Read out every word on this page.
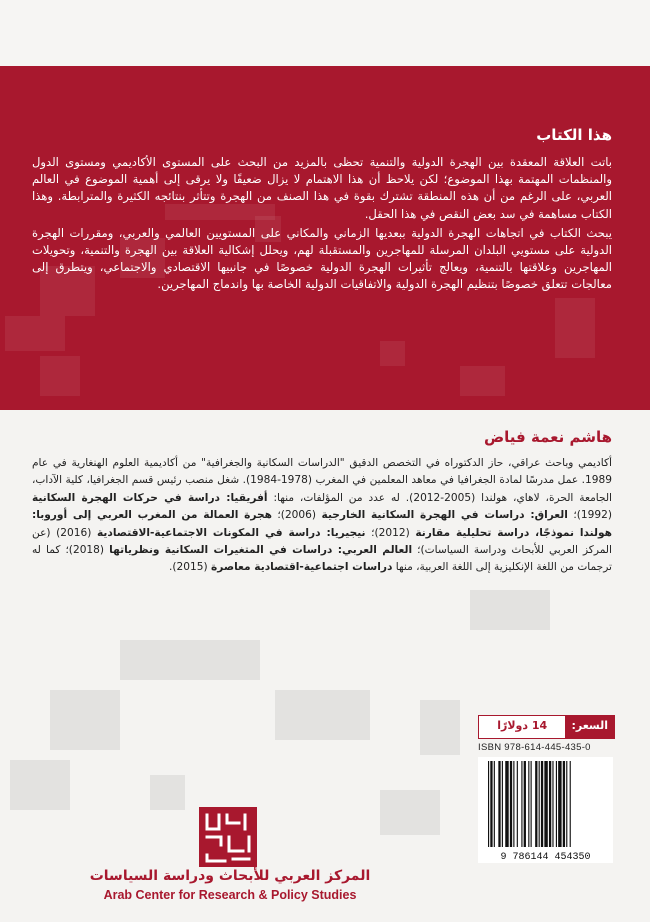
هذا الكتاب

باتت العلاقة المعقدة بين الهجرة الدولية والتنمية تحظى بالمزيد من البحث على المستوى الأكاديمي ومستوى الدول والمنظمات المهتمة بهذا الموضوع؛ لكن يلاحظ أن هذا الاهتمام لا يزال ضعيفًا ولا يرقى إلى أهمية الموضوع في العالم العربي، على الرغم من أن هذه المنطقة تشترك بقوة في هذا الصنف من الهجرة وتتأثر بنتائجه الكثيرة والمترابطة. وهذا الكتاب مساهمة في سد بعض النقص في هذا الحقل.

يبحث الكتاب في اتجاهات الهجرة الدولية ببعديها الزماني والمكاني على المستويين العالمي والعربي، ومقررات الهجرة الدولية على مستويي البلدان المرسلة للمهاجرين والمستقبلة لهم، ويحلل إشكالية العلاقة بين الهجرة والتنمية، وتحويلات المهاجرين وعلاقتها بالتنمية، ويعالج تأثيرات الهجرة الدولية خصوصًا في جانبيها الاقتصادي والاجتماعي، ويتطرق إلى معالجات تتعلق خصوصًا بتنظيم الهجرة الدولية والاتفاقيات الدولية الخاصة بها واندماج المهاجرين.

هاشم نعمة فياض
أكاديمي وباحث عراقي، حاز الدكتوراه في التخصص الدقيق "الدراسات السكانية والجغرافية" من أكاديمية العلوم الهنغارية في عام 1989. عمل مدرسًا لمادة الجغرافيا في معاهد المعلمين في المغرب (1978-1984). شغل منصب رئيس قسم الجغرافيا، كلية الآداب، الجامعة الحرة، لاهاي، هولندا (2005-2012). له عدد من المؤلفات، منها: أفريقيا: دراسة في حركات الهجرة السكانية (1992)؛ العراق: دراسات في الهجرة السكانية الخارجية (2006)؛ هجرة العمالة من المغرب العربي إلى أوروبا: هولندا نموذجًا، دراسة تحليلية مقارنة (2012)؛ نيجيريا: دراسة في المكونات الاجتماعية-الاقتصادية (2016) (عن المركز العربي للأبحاث ودراسة السياسات)؛ العالم العربي: دراسات في المتغيرات السكانية ونظرياتها (2018)؛ كما له ترجمات من اللغة الإنكليزية إلى اللغة العربية، منها دراسات اجتماعية-اقتصادية معاصرة (2015).
السعر:
14 دولارًا
ISBN 978-614-445-435-0
9 786144 454350
المركز العربي للأبحاث ودراسة السياسات
Arab Center for Research & Policy Studies
